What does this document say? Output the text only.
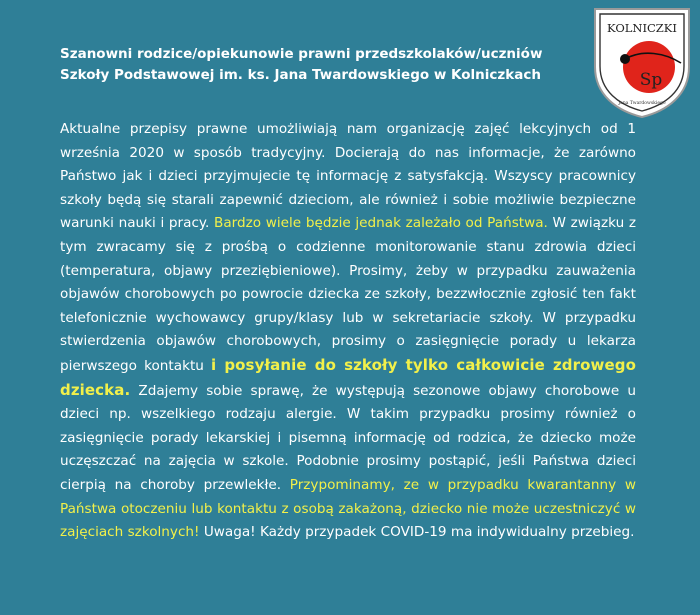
Szanowni rodzice/opiekunowie prawni przedszkolaków/uczniów
Szkoły Podstawowej im. ks. Jana Twardowskiego w Kolniczkach
KOLNICZKI
Sp
Jana Twardowskiego
Aktualne przepisy prawne umożliwiają nam organizację zajęć lekcyjnych od 1 września 2020 w sposób tradycyjny. Docierają do nas informacje, że zarówno Państwo jak i dzieci przyjmujecie tę informację z satysfakcją. Wszyscy pracownicy szkoły będą się starali zapewnić dzieciom, ale również i sobie możliwie bezpieczne warunki nauki i pracy. Bardzo wiele będzie jednak zależało od Państwa. W związku z tym zwracamy się z prośbą o codzienne monitorowanie stanu zdrowia dzieci (temperatura, objawy przeziębieniowe). Prosimy, żeby w przypadku zauważenia objawów chorobowych po powrocie dziecka ze szkoły, bezzwłocznie zgłosić ten fakt telefonicznie wychowawcy grupy/klasy lub w sekretariacie szkoły. W przypadku stwierdzenia objawów chorobowych, prosimy o zasięgnięcie porady u lekarza pierwszego kontaktu i posyłanie do szkoły tylko całkowicie zdrowego dziecka. Zdajemy sobie sprawę, że występują sezonowe objawy chorobowe u dzieci np. wszelkiego rodzaju alergie. W takim przypadku prosimy również o zasięgnięcie porady lekarskiej i pisemną informację od rodzica, że dziecko może uczęszczać na zajęcia w szkole. Podobnie prosimy postąpić, jeśli Państwa dzieci cierpią na choroby przewlekłe. Przypominamy, ze w przypadku kwarantanny w Państwa otoczeniu lub kontaktu z osobą zakażoną, dziecko nie może uczestniczyć w zajęciach szkolnych! Uwaga! Każdy przypadek COVID-19 ma indywidualny przebieg.
